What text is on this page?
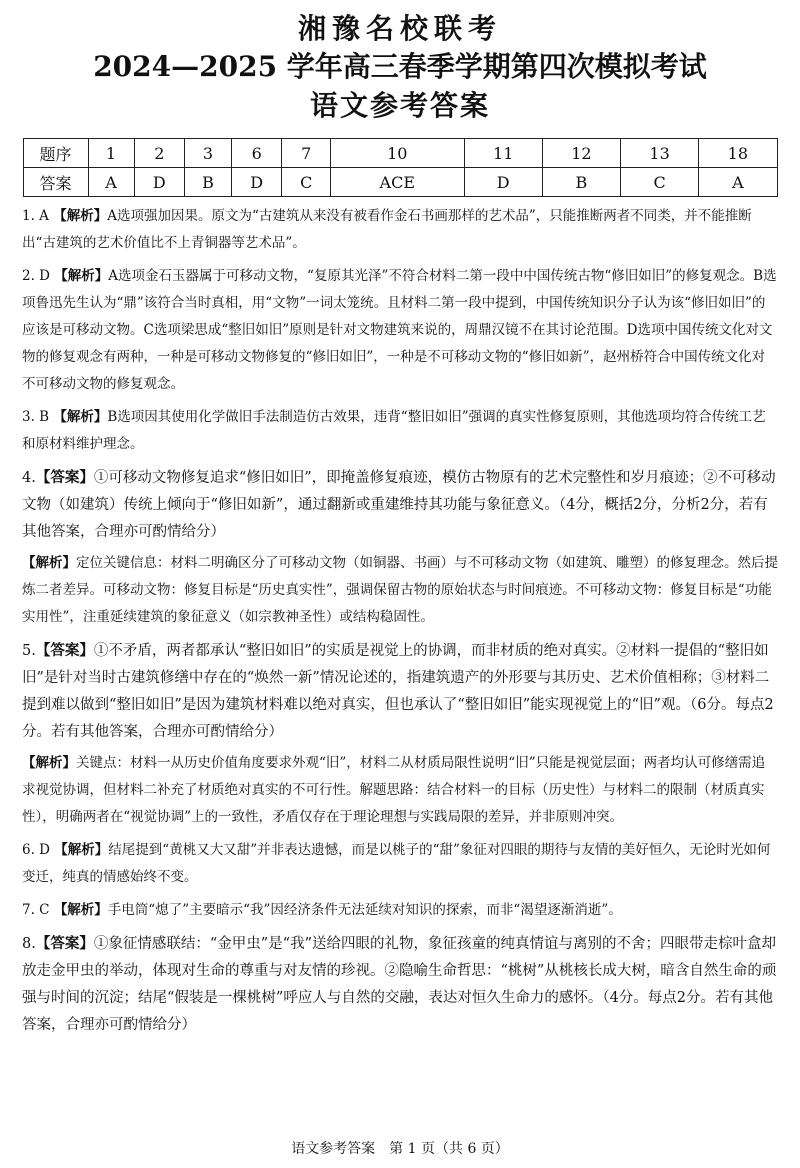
湘豫名校联考
2024—2025 学年高三春季学期第四次模拟考试
语文参考答案
题序	1	2	3	6	7	10	11	12	13	18
答案	A	D	B	D	C	ACE	D	B	C	A
1. A 【解析】A选项强加因果。原文为“古建筑从来没有被看作金石书画那样的艺术品”，只能推断两者不同类，并不能推断出“古建筑的艺术价值比不上青铜器等艺术品”。
2. D 【解析】A选项金石玉器属于可移动文物，“复原其光泽”不符合材料二第一段中中国传统古物“修旧如旧”的修复观念。B选项鲁迅先生认为“鼎”该符合当时真相，用“文物”一词太笼统。且材料二第一段中提到，中国传统知识分子认为该“修旧如旧”的应该是可移动文物。C选项梁思成“整旧如旧”原则是针对文物建筑来说的，周鼎汉镜不在其讨论范围。D选项中国传统文化对文物的修复观念有两种，一种是可移动文物修复的“修旧如旧”，一种是不可移动文物的“修旧如新”，赵州桥符合中国传统文化对不可移动文物的修复观念。
3. B 【解析】B选项因其使用化学做旧手法制造仿古效果，违背“整旧如旧”强调的真实性修复原则，其他选项均符合传统工艺和原材料维护理念。
4.【答案】①可移动文物修复追求“修旧如旧”，即掩盖修复痕迹，模仿古物原有的艺术完整性和岁月痕迹；②不可移动文物（如建筑）传统上倾向于“修旧如新”，通过翻新或重建维持其功能与象征意义。（4分，概括2分，分析2分，若有其他答案，合理亦可酌情给分）
【解析】定位关键信息：材料二明确区分了可移动文物（如铜器、书画）与不可移动文物（如建筑、雕塑）的修复理念。然后提炼二者差异。可移动文物：修复目标是“历史真实性”，强调保留古物的原始状态与时间痕迹。不可移动文物：修复目标是“功能实用性”，注重延续建筑的象征意义（如宗教神圣性）或结构稳固性。
5.【答案】①不矛盾，两者都承认“整旧如旧”的实质是视觉上的协调，而非材质的绝对真实。②材料一提倡的“整旧如旧”是针对当时古建筑修缮中存在的“焕然一新”情况论述的，指建筑遗产的外形要与其历史、艺术价值相称；③材料二提到难以做到“整旧如旧”是因为建筑材料难以绝对真实，但也承认了“整旧如旧”能实现视觉上的“旧”观。（6分。每点2分。若有其他答案，合理亦可酌情给分）
【解析】关键点：材料一从历史价值角度要求外观“旧”，材料二从材质局限性说明“旧”只能是视觉层面；两者均认可修缮需追求视觉协调，但材料二补充了材质绝对真实的不可行性。解题思路：结合材料一的目标（历史性）与材料二的限制（材质真实性），明确两者在“视觉协调”上的一致性，矛盾仅存在于理论理想与实践局限的差异，并非原则冲突。
6. D 【解析】结尾提到“黄桃又大又甜”并非表达遗憾，而是以桃子的“甜”象征对四眼的期待与友情的美好恒久，无论时光如何变迁，纯真的情感始终不变。
7. C 【解析】手电筒“熄了”主要暗示“我”因经济条件无法延续对知识的探索，而非“渴望逐渐消逝”。
8.【答案】①象征情感联结：“金甲虫”是“我”送给四眼的礼物，象征孩童的纯真情谊与离别的不舍；四眼带走棕叶盒却放走金甲虫的举动，体现对生命的尊重与对友情的珍视。②隐喻生命哲思：“桃树”从桃核长成大树，暗含自然生命的顽强与时间的沉淀；结尾“假装是一棵桃树”呼应人与自然的交融，表达对恒久生命力的感怀。（4分。每点2分。若有其他答案，合理亦可酌情给分）
语文参考答案　第 1 页（共 6 页）
